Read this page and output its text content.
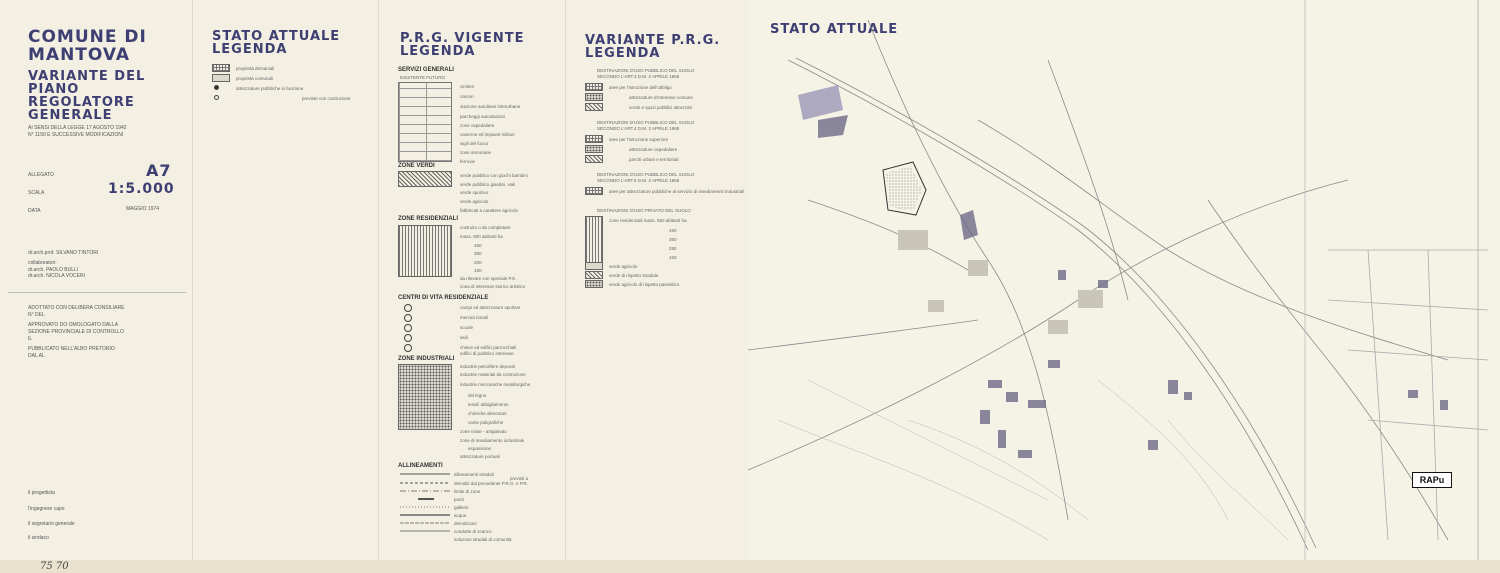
COMUNE DI
MANTOVA
VARIANTE DEL
PIANO
REGOLATORE
GENERALE
AI SENSI DELLA LEGGE 17 AGOSTO 1942
N° 1150 E SUCCESSIVE MODIFICAZIONI
ALLEGATO	A7
SCALA	1:5.000
DATA	MAGGIO 1974
dr.arch.prof. SILVANO TINTORI
collaboratori:
dr.arch. PAOLO BULLI
dr.arch. NICOLA VOCERI
ADOTTATO CON DELIBERA CONSILIARE
N° DEL
APPROVATO DO OMOLOGATO DALLA
SEZIONE PROVINCIALE DI CONTROLLO
IL
PUBBLICATO NELL'ALBO PRETORIO
DAL AL
il progettista
l'ingegnere capo
il segretario generale
il sindaco
STATO ATTUALE
LEGENDA
proprietà demaniali
proprietà comunali
attrezzature pubbliche in funzione
previste con costruzione
P.R.G. VIGENTE
LEGENDA
SERVIZI GENERALI
ESISTENTE FUTURO
cimiteri
carceri
stazione autolinee interurbane
parcheggi autostazioni
zone ospedaliere
caserme ed impianti militari
vigili del fuoco
zone annonarie
ferrovie
ZONE VERDI
verde pubblico con giochi bambini
verde pubblico giardini, viali
verde sportivo
verde agricolo
fabbricati a carattere agricolo
ZONE RESIDENZIALI
costruito o da completare
mass. 800 abitanti ha
450
350
250
150
da rilevare con speciale P.E.
zona di interesse storico artistico
CENTRI DI VITA RESIDENZIALE
campi ed attrezzature sportive
mercati rionali
scuole
asili
chiese ed edifici parrocchiali
edifici di pubblico interesse
ZONE INDUSTRIALI
industrie petrolifere depositi
industrie materiali da costruzione
industrie meccaniche metallurgiche
del legno
tessili abbigliamento
chimiche alimentari
cartie poligrafiche
zone miste - artigianato
zone di insediamento industriale
espansione
attrezzature portuali
ALLINEAMENTI
allineamenti stradali
previsti a
demoliti dal precedente P.R.G. e P.R.
limite di zone
ponti
gallerie
acque
demolizioni
condotte di scarico
soluzioni stradali di comunità
VARIANTE P.R.G.
LEGENDA
DESTINAZIONI D'USO PUBBLICO DEL SUOLO
SECONDO L'ART.3 D.M. 2 APRILE 1968
aree per l'istruzione dell'obbligo
attrezzature d'interesse comune
verde e spazi pubblici attrezzati
DESTINAZIONI D'USO PUBBLICO DEL SUOLO
SECONDO L'ART.4 D.M. 2 APRILE 1968
aree per l'istruzione superiore
attrezzature ospedaliere
parchi urbani e territoriali
DESTINAZIONI D'USO PUBBLICO DEL SUOLO
SECONDO L'ART.5 D.M. 2 APRILE 1968
aree per attrezzature pubbliche al servizio di insediamenti industriali
DESTINAZIONI D'USO PRIVATO DEL SUOLO
zone residenziali mass. 650 abitanti ha.
450
350
250
150
verde agricolo
verde di rispetto stradale
verde agricolo di rispetto paesistico
STATO ATTUALE
RAPu
75 70
